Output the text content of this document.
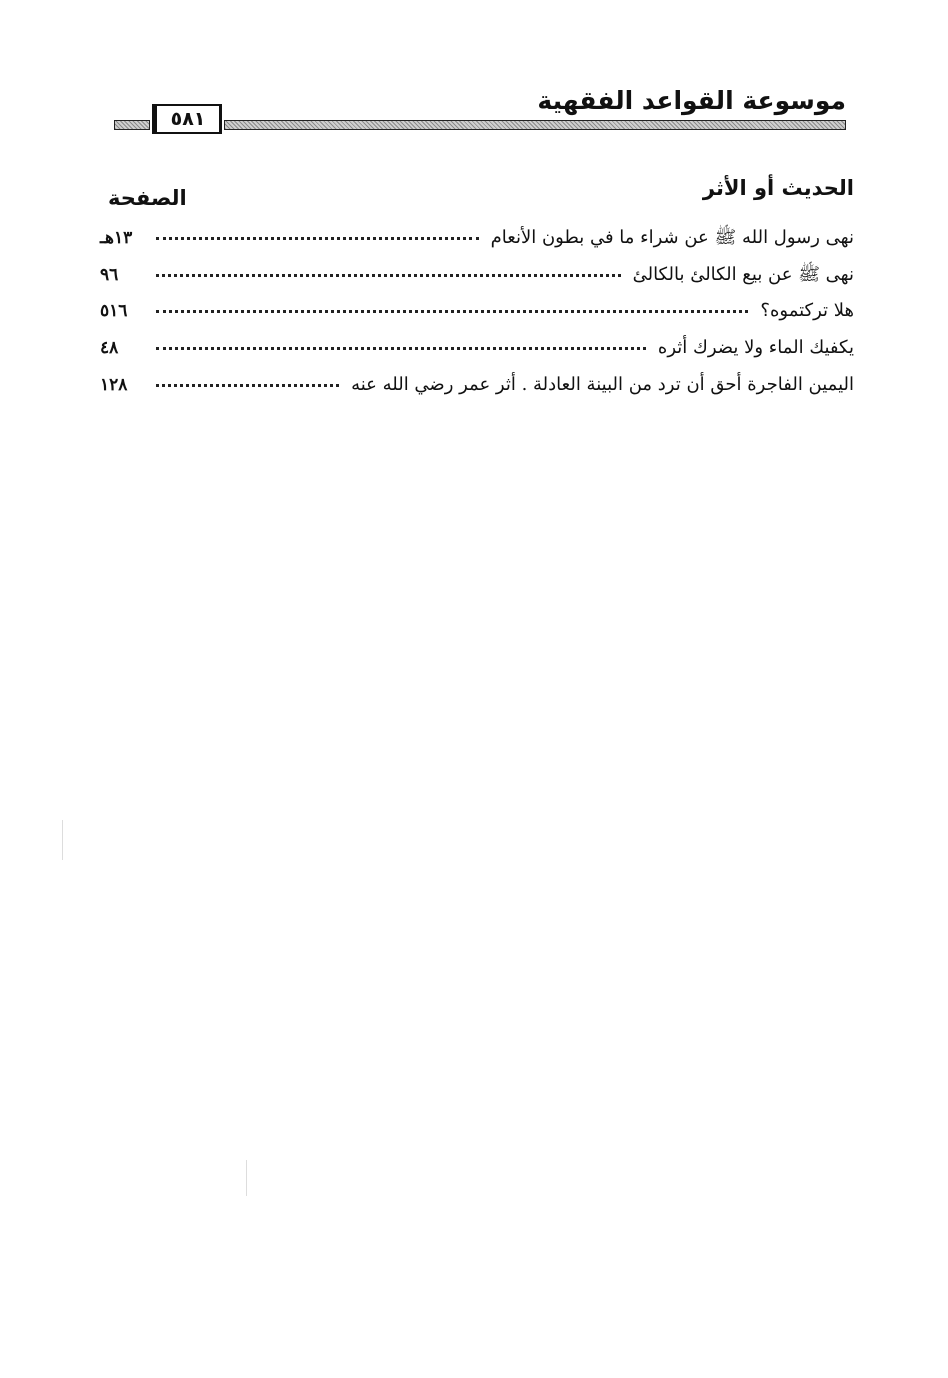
موسوعة القواعد الفقهية
٥٨١
الحديث أو الأثر
الصفحة
نهى رسول الله ﷺ عن شراء ما في بطون الأنعام
١٣هـ
نهى ﷺ عن بيع الكالئ بالكالئ
٩٦
هلا تركتموه؟
٥١٦
يكفيك الماء ولا يضرك أثره
٤٨
اليمين الفاجرة أحق أن ترد من البينة العادلة . أثر عمر رضي الله عنه
١٢٨
